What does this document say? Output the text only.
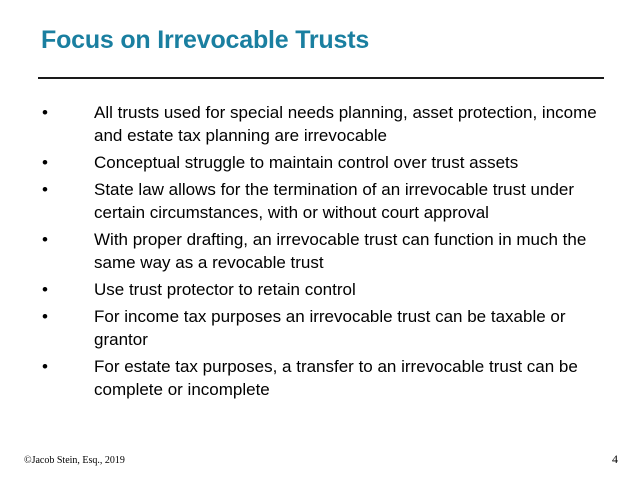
Focus on Irrevocable Trusts
•	All trusts used for special needs planning, asset protection, income and estate tax planning are irrevocable
•	Conceptual struggle to maintain control over trust assets
•	State law allows for the termination of an irrevocable trust under certain circumstances, with or without court approval
•	With proper drafting, an irrevocable trust can function in much the same way as a revocable trust
•	Use trust protector to retain control
•	For income tax purposes an irrevocable trust can be taxable or grantor
•	For estate tax purposes, a transfer to an irrevocable trust can be complete or incomplete
©Jacob Stein, Esq., 2019	4
